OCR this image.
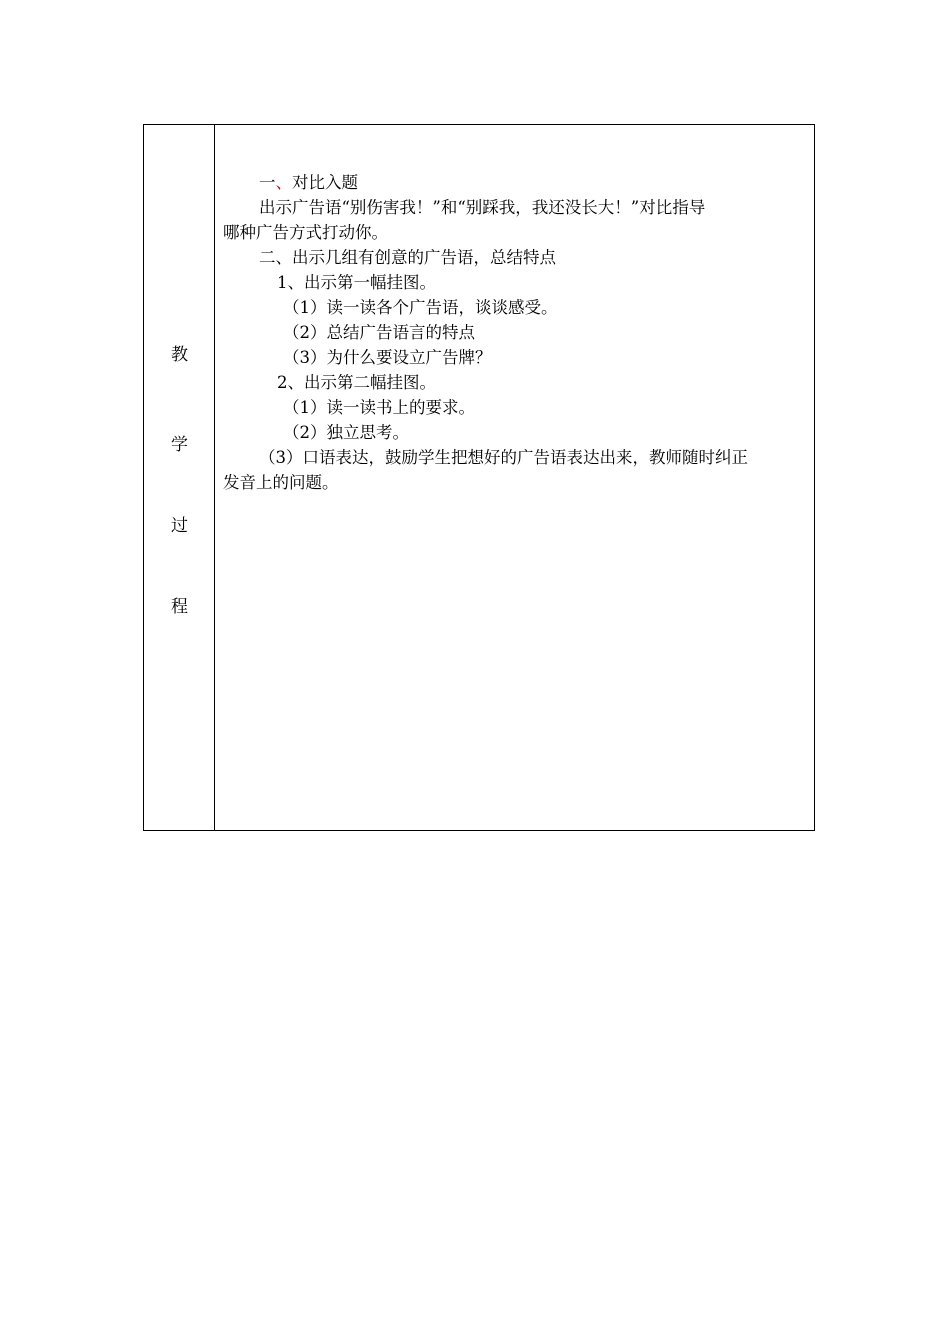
教
学
过
程
一、对比入题
出示广告语“别伤害我！”和“别踩我，我还没长大！”对比指导
哪种广告方式打动你。
二、出示几组有创意的广告语，总结特点
1、出示第一幅挂图。
（1）读一读各个广告语，谈谈感受。
（2）总结广告语言的特点
（3）为什么要设立广告牌？
2、出示第二幅挂图。
（1）读一读书上的要求。
（2）独立思考。
（3）口语表达，鼓励学生把想好的广告语表达出来，教师随时纠正
发音上的问题。
